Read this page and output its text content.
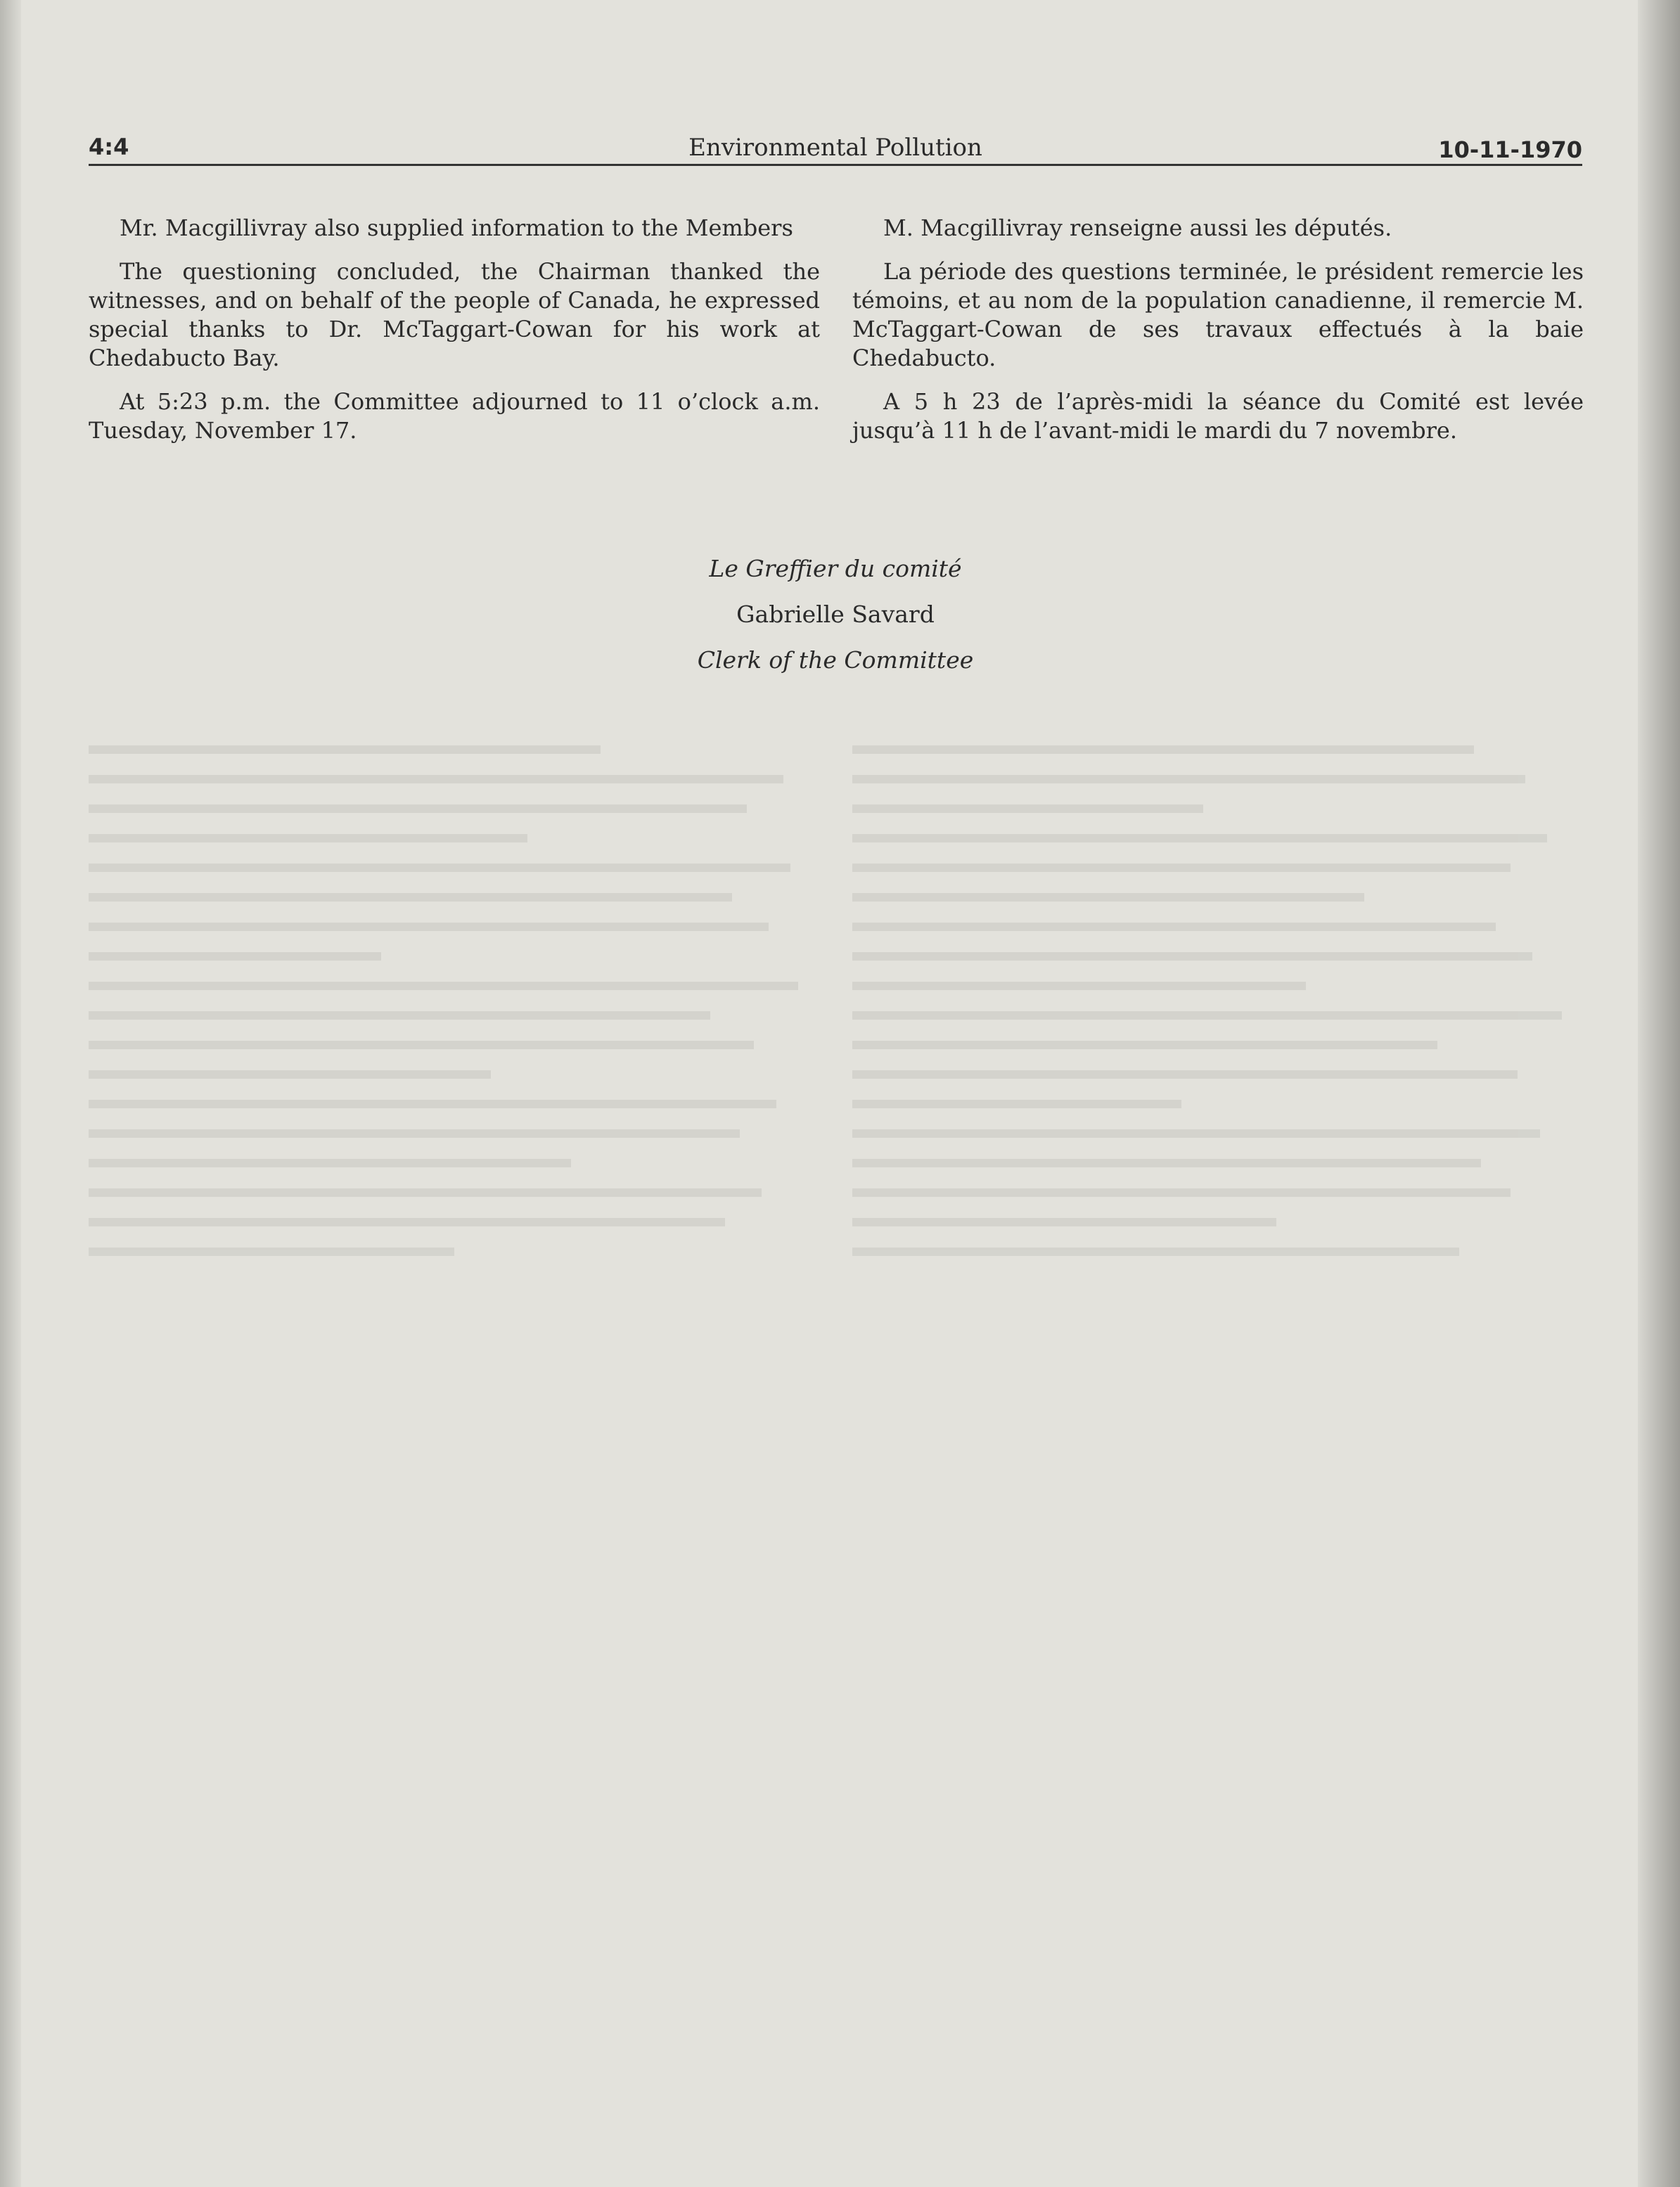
4:4	Environmental Pollution	10-11-1970

Mr. Macgillivray also supplied information to the Members

The questioning concluded, the Chairman thanked the witnesses, and on behalf of the people of Canada, he expressed special thanks to Dr. McTaggart-Cowan for his work at Chedabucto Bay.

At 5:23 p.m. the Committee adjourned to 11 o’clock a.m. Tuesday, November 17.

M. Macgillivray renseigne aussi les députés.

La période des questions terminée, le président remercie les témoins, et au nom de la population canadienne, il remercie M. McTaggart-Cowan de ses travaux effectués à la baie Chedabucto.

A 5 h 23 de l’après-midi la séance du Comité est levée jusqu’à 11 h de l’avant-midi le mardi du 7 novembre.

Le Greffier du comité
Gabrielle Savard
Clerk of the Committee
